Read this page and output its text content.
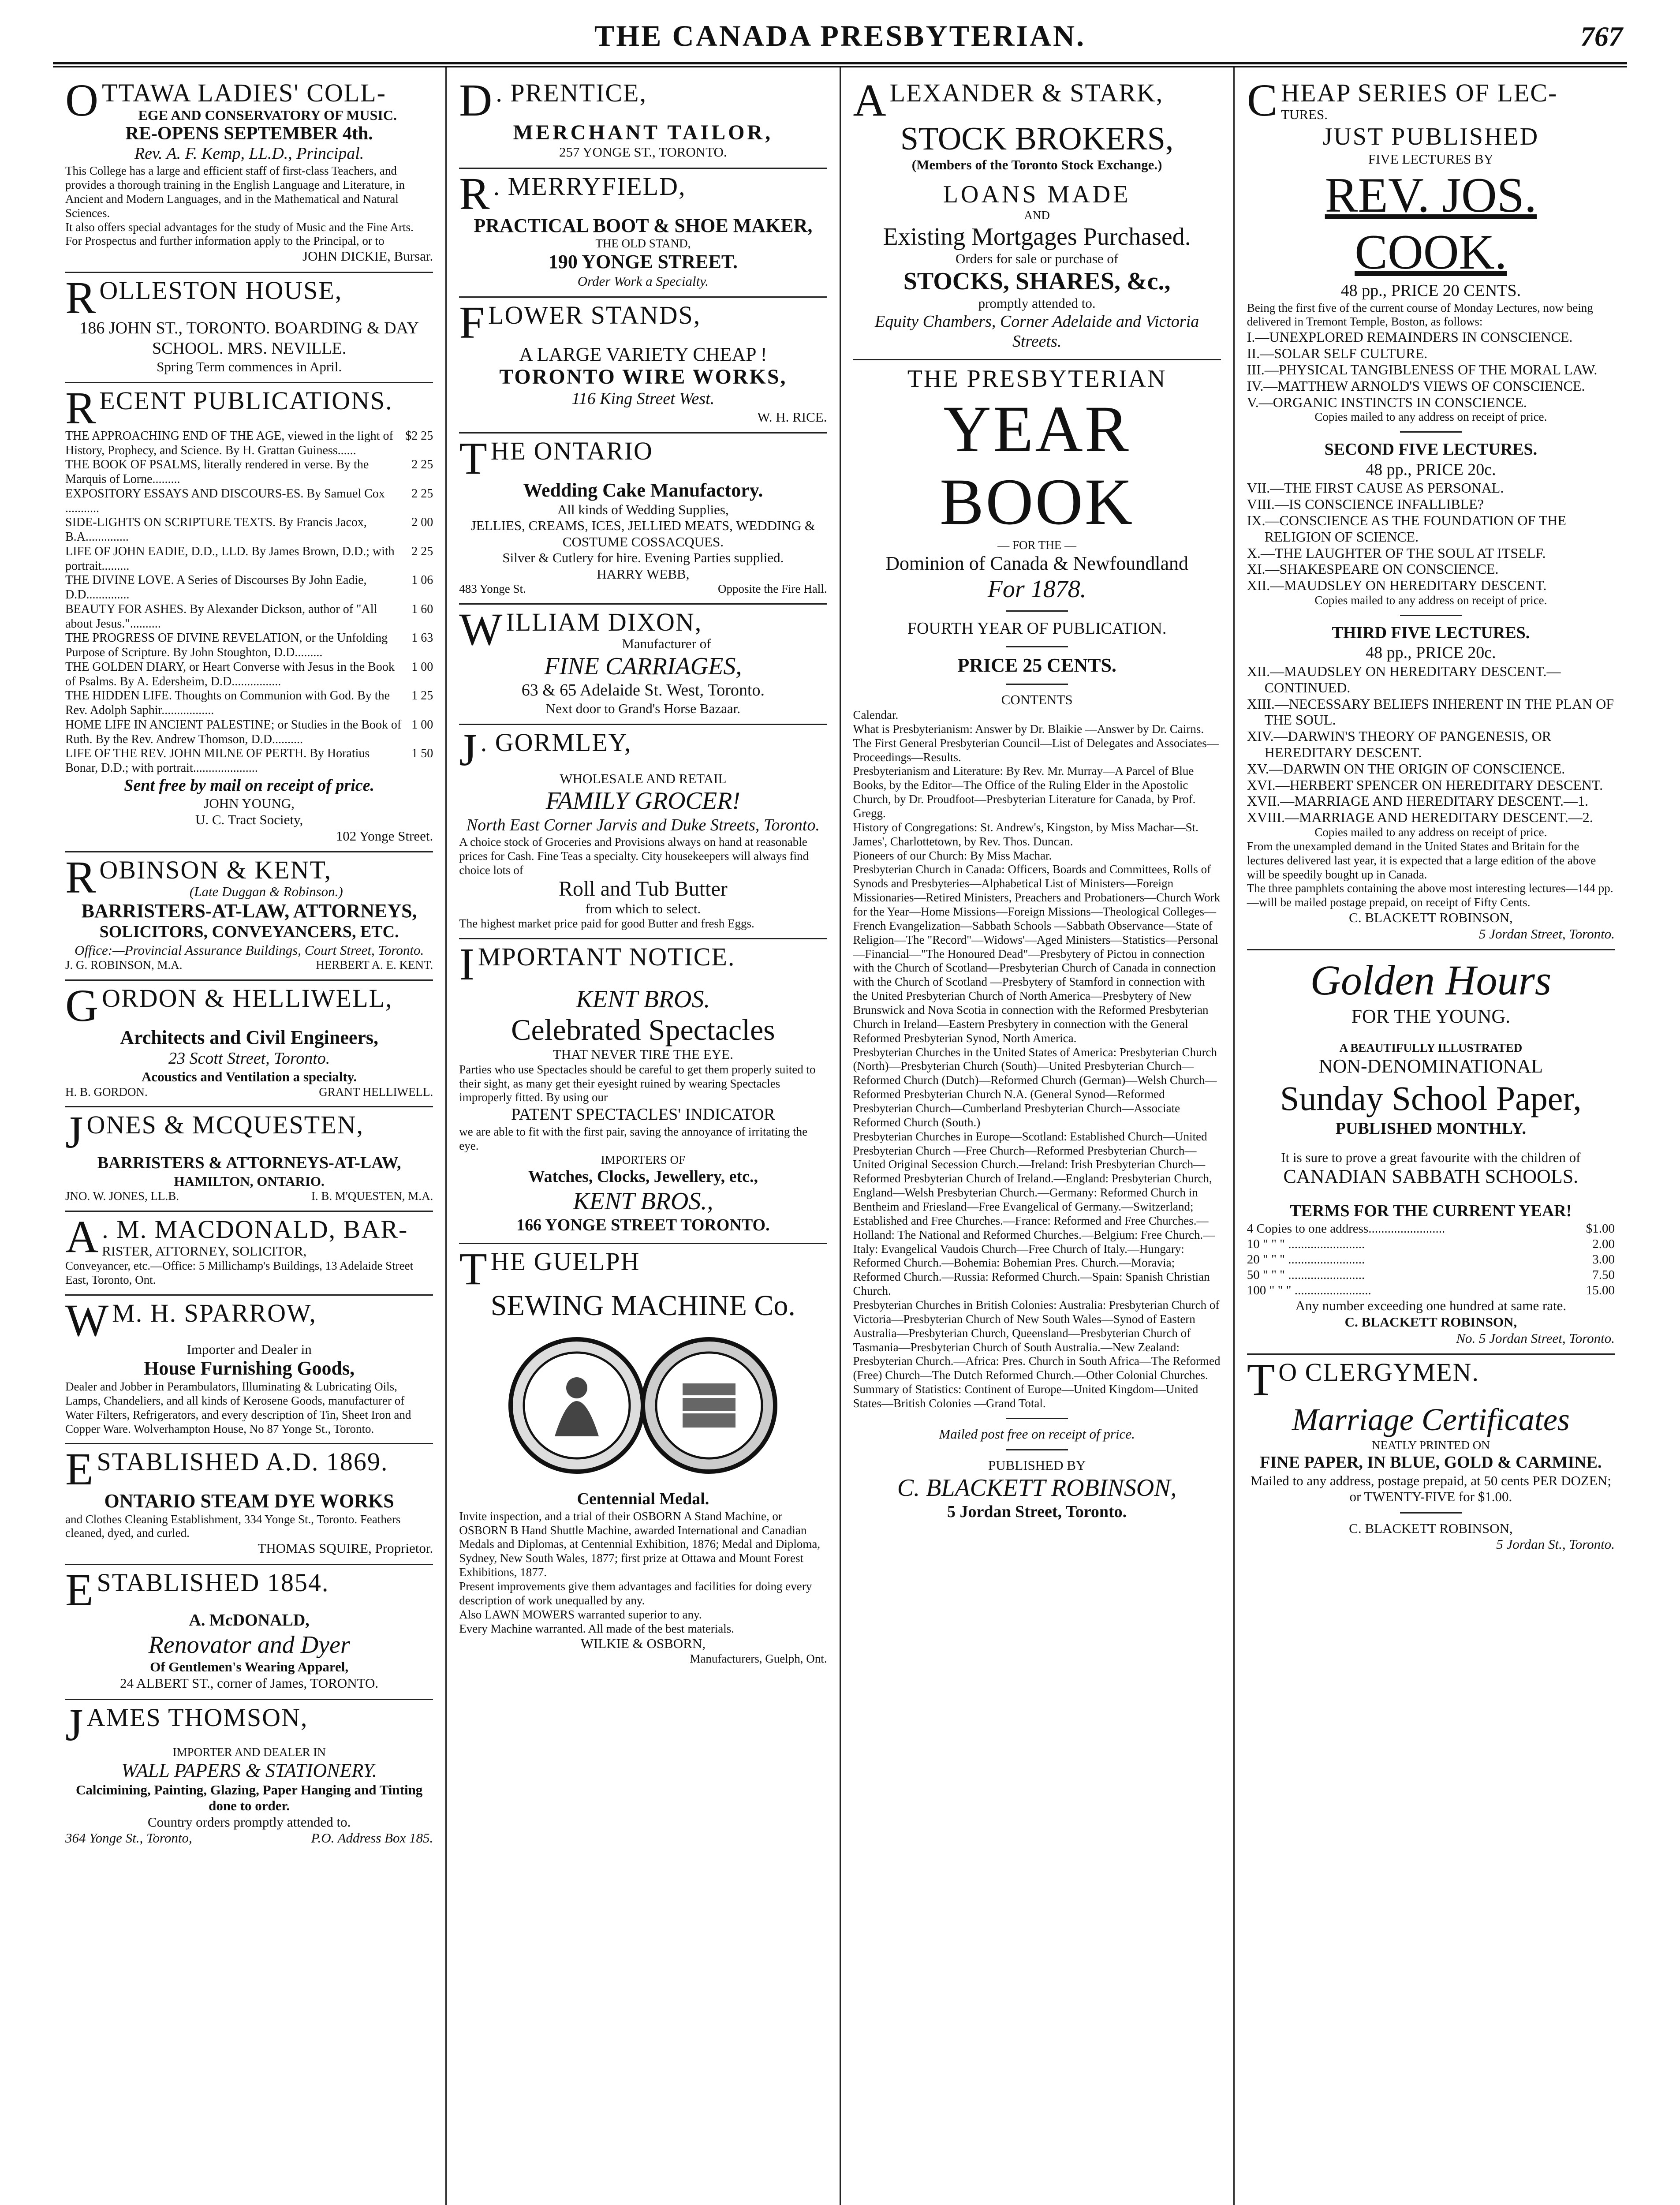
THE CANADA PRESBYTERIAN.	767
OTTAWA LADIES' COLL-
EGE AND CONSERVATORY OF MUSIC.
RE-OPENS SEPTEMBER 4th.
Rev. A. F. Kemp, LL.D., Principal.
This College has a large and efficient staff of first-class Teachers, and provides a thorough training in the English Language and Literature, in Ancient and Modern Languages, and in the Mathematical and Natural Sciences.
It also offers special advantages for the study of Music and the Fine Arts.
For Prospectus and further information apply to the Principal, or to
JOHN DICKIE, Bursar.
ROLLESTON HOUSE,
186 JOHN ST., TORONTO. BOARDING & DAY
SCHOOL. MRS. NEVILLE.
Spring Term commences in April.
RECENT PUBLICATIONS.
THE APPROACHING END OF THE AGE, viewed in the light of History, Prophecy, and Science. By H. Grattan Guiness......
$2 25
THE BOOK OF PSALMS, literally rendered in verse. By the Marquis of Lorne.........
2 25
EXPOSITORY ESSAYS AND DISCOURS-ES. By Samuel Cox ...........
2 25
SIDE-LIGHTS ON SCRIPTURE TEXTS. By Francis Jacox, B.A..............
2 00
LIFE OF JOHN EADIE, D.D., LLD. By James Brown, D.D.; with portrait.........
2 25
THE DIVINE LOVE. A Series of Discourses By John Eadie, D.D..............
1 06
BEAUTY FOR ASHES. By Alexander Dickson, author of "All about Jesus."..........
1 60
THE PROGRESS OF DIVINE REVELATION, or the Unfolding Purpose of Scripture. By John Stoughton, D.D.........
1 63
THE GOLDEN DIARY, or Heart Converse with Jesus in the Book of Psalms. By A. Edersheim, D.D................
1 00
THE HIDDEN LIFE. Thoughts on Communion with God. By the Rev. Adolph Saphir.................
1 25
HOME LIFE IN ANCIENT PALESTINE; or Studies in the Book of Ruth. By the Rev. Andrew Thomson, D.D..........
1 00
LIFE OF THE REV. JOHN MILNE OF PERTH. By Horatius Bonar, D.D.; with portrait.....................
1 50
Sent free by mail on receipt of price.
JOHN YOUNG,
U. C. Tract Society,
102 Yonge Street.
ROBINSON & KENT,
(Late Duggan & Robinson.)
BARRISTERS-AT-LAW, ATTORNEYS,
SOLICITORS, CONVEYANCERS, ETC.
Office:—Provincial Assurance Buildings, Court Street, Toronto.
J. G. ROBINSON, M.A.	HERBERT A. E. KENT.
GORDON & HELLIWELL,
Architects and Civil Engineers,
23 Scott Street, Toronto.
Acoustics and Ventilation a specialty.
H. B. GORDON.	GRANT HELLIWELL.
JONES & MCQUESTEN,
BARRISTERS & ATTORNEYS-AT-LAW,
HAMILTON, ONTARIO.
JNO. W. JONES, LL.B.	I. B. M'QUESTEN, M.A.
A . M. MACDONALD, BAR-
RISTER, ATTORNEY, SOLICITOR,
Conveyancer, etc.—Office: 5 Millichamp's Buildings, 13 Adelaide Street East, Toronto, Ont.
W M. H. SPARROW,
Importer and Dealer in
House Furnishing Goods,
Dealer and Jobber in Perambulators, Illuminating & Lubricating Oils, Lamps, Chandeliers, and all kinds of Kerosene Goods, manufacturer of Water Filters, Refrigerators, and every description of Tin, Sheet Iron and Copper Ware. Wolverhampton House, No 87 Yonge St., Toronto.
ESTABLISHED A.D. 1869.
ONTARIO STEAM DYE WORKS
and Clothes Cleaning Establishment, 334 Yonge St., Toronto. Feathers cleaned, dyed, and curled.
THOMAS SQUIRE, Proprietor.
ESTABLISHED 1854.
A. McDONALD,
Renovator and Dyer
Of Gentlemen's Wearing Apparel,
24 ALBERT ST., corner of James, TORONTO.
JAMES THOMSON,
IMPORTER AND DEALER IN
WALL PAPERS & STATIONERY.
Calcimining, Painting, Glazing, Paper Hanging and Tinting done to order.
Country orders promptly attended to.
364 Yonge St., Toronto,	P.O. Address Box 185.
D . PRENTICE,
MERCHANT TAILOR,
257 YONGE ST., TORONTO.
R . MERRYFIELD,
PRACTICAL BOOT & SHOE MAKER,
THE OLD STAND,
190 YONGE STREET.
Order Work a Specialty.
FLOWER STANDS,
A LARGE VARIETY CHEAP !
TORONTO WIRE WORKS,
116 King Street West.
W. H. RICE.
THE ONTARIO
Wedding Cake Manufactory.
All kinds of Wedding Supplies,
JELLIES, CREAMS, ICES, JELLIED MEATS, WEDDING & COSTUME COSSACQUES.
Silver & Cutlery for hire. Evening Parties supplied.
HARRY WEBB,
483 Yonge St.	Opposite the Fire Hall.
WILLIAM DIXON,
Manufacturer of
FINE CARRIAGES,
63 & 65 Adelaide St. West, Toronto.
Next door to Grand's Horse Bazaar.
J . GORMLEY,
WHOLESALE AND RETAIL
FAMILY GROCER!
North East Corner Jarvis and Duke Streets, Toronto.
A choice stock of Groceries and Provisions always on hand at reasonable prices for Cash. Fine Teas a specialty. City housekeepers will always find choice lots of
Roll and Tub Butter
from which to select.
The highest market price paid for good Butter and fresh Eggs.
IMPORTANT NOTICE.
KENT BROS.
Celebrated Spectacles
THAT NEVER TIRE THE EYE.
Parties who use Spectacles should be careful to get them properly suited to their sight, as many get their eyesight ruined by wearing Spectacles improperly fitted. By using our
PATENT SPECTACLES' INDICATOR
we are able to fit with the first pair, saving the annoyance of irritating the eye.
IMPORTERS OF
Watches, Clocks, Jewellery, etc.,
KENT BROS.,
166 YONGE STREET TORONTO.
THE GUELPH
SEWING MACHINE Co.
Centennial Medal.
Invite inspection, and a trial of their OSBORN A Stand Machine, or OSBORN B Hand Shuttle Machine, awarded International and Canadian Medals and Diplomas, at Centennial Exhibition, 1876; Medal and Diploma, Sydney, New South Wales, 1877; first prize at Ottawa and Mount Forest Exhibitions, 1877.
Present improvements give them advantages and facilities for doing every description of work unequalled by any.
Also LAWN MOWERS warranted superior to any.
Every Machine warranted. All made of the best materials.
WILKIE & OSBORN,
Manufacturers, Guelph, Ont.
ALEXANDER & STARK,
STOCK BROKERS,
(Members of the Toronto Stock Exchange.)
LOANS MADE
AND
Existing Mortgages Purchased.
Orders for sale or purchase of
STOCKS, SHARES, &c.,
promptly attended to.
Equity Chambers, Corner Adelaide and Victoria Streets.
THE PRESBYTERIAN
YEAR BOOK
— FOR THE —
Dominion of Canada & Newfoundland
For 1878.
FOURTH YEAR OF PUBLICATION.
PRICE 25 CENTS.
CONTENTS
Calendar.
What is Presbyterianism: Answer by Dr. Blaikie —Answer by Dr. Cairns.
The First General Presbyterian Council—List of Delegates and Associates—Proceedings—Results.
Presbyterianism and Literature: By Rev. Mr. Murray—A Parcel of Blue Books, by the Editor—The Office of the Ruling Elder in the Apostolic Church, by Dr. Proudfoot—Presbyterian Literature for Canada, by Prof. Gregg.
History of Congregations: St. Andrew's, Kingston, by Miss Machar—St. James', Charlottetown, by Rev. Thos. Duncan.
Pioneers of our Church: By Miss Machar.
Presbyterian Church in Canada: Officers, Boards and Committees, Rolls of Synods and Presbyteries—Alphabetical List of Ministers—Foreign Missionaries—Retired Ministers, Preachers and Probationers—Church Work for the Year—Home Missions—Foreign Missions—Theological Colleges—French Evangelization—Sabbath Schools —Sabbath Observance—State of Religion—The "Record"—Widows'—Aged Ministers—Statistics—Personal—Financial—"The Honoured Dead"—Presbytery of Pictou in connection with the Church of Scotland—Presbyterian Church of Canada in connection with the Church of Scotland —Presbytery of Stamford in connection with the United Presbyterian Church of North America—Presbytery of New Brunswick and Nova Scotia in connection with the Reformed Presbyterian Church in Ireland—Eastern Presbytery in connection with the General Reformed Presbyterian Synod, North America.
Presbyterian Churches in the United States of America: Presbyterian Church (North)—Presbyterian Church (South)—United Presbyterian Church—Reformed Church (Dutch)—Reformed Church (German)—Welsh Church—Reformed Presbyterian Church N.A. (General Synod—Reformed Presbyterian Church—Cumberland Presbyterian Church—Associate Reformed Church (South.)
Presbyterian Churches in Europe—Scotland: Established Church—United Presbyterian Church —Free Church—Reformed Presbyterian Church—United Original Secession Church.—Ireland: Irish Presbyterian Church—Reformed Presbyterian Church of Ireland.—England: Presbyterian Church, England—Welsh Presbyterian Church.—Germany: Reformed Church in Bentheim and Friesland—Free Evangelical of Germany.—Switzerland; Established and Free Churches.—France: Reformed and Free Churches.—Holland: The National and Reformed Churches.—Belgium: Free Church.—Italy: Evangelical Vaudois Church—Free Church of Italy.—Hungary: Reformed Church.—Bohemia: Bohemian Pres. Church.—Moravia; Reformed Church.—Russia: Reformed Church.—Spain: Spanish Christian Church.
Presbyterian Churches in British Colonies: Australia: Presbyterian Church of Victoria—Presbyterian Church of New South Wales—Synod of Eastern Australia—Presbyterian Church, Queensland—Presbyterian Church of Tasmania—Presbyterian Church of South Australia.—New Zealand: Presbyterian Church.—Africa: Pres. Church in South Africa—The Reformed (Free) Church—The Dutch Reformed Church.—Other Colonial Churches.
Summary of Statistics: Continent of Europe—United Kingdom—United States—British Colonies —Grand Total.
Mailed post free on receipt of price.
PUBLISHED BY
C. BLACKETT ROBINSON,
5 Jordan Street, Toronto.
CHEAP SERIES OF LEC-
TURES.
JUST PUBLISHED
FIVE LECTURES BY
REV. JOS. COOK.
48 pp., PRICE 20 CENTS.
Being the first five of the current course of Monday Lectures, now being delivered in Tremont Temple, Boston, as follows:
I.—UNEXPLORED REMAINDERS IN CONSCIENCE.
II.—SOLAR SELF CULTURE.
III.—PHYSICAL TANGIBLENESS OF THE MORAL LAW.
IV.—MATTHEW ARNOLD'S VIEWS OF CONSCIENCE.
V.—ORGANIC INSTINCTS IN CONSCIENCE.
Copies mailed to any address on receipt of price.
SECOND FIVE LECTURES.
48 pp., PRICE 20c.
VII.—THE FIRST CAUSE AS PERSONAL.
VIII.—IS CONSCIENCE INFALLIBLE?
IX.—CONSCIENCE AS THE FOUNDATION OF THE RELIGION OF SCIENCE.
X.—THE LAUGHTER OF THE SOUL AT ITSELF.
XI.—SHAKESPEARE ON CONSCIENCE.
XII.—MAUDSLEY ON HEREDITARY DESCENT.
Copies mailed to any address on receipt of price.
THIRD FIVE LECTURES.
48 pp., PRICE 20c.
XII.—MAUDSLEY ON HEREDITARY DESCENT.—CONTINUED.
XIII.—NECESSARY BELIEFS INHERENT IN THE PLAN OF THE SOUL.
XIV.—DARWIN'S THEORY OF PANGENESIS, OR HEREDITARY DESCENT.
XV.—DARWIN ON THE ORIGIN OF CONSCIENCE.
XVI.—HERBERT SPENCER ON HEREDITARY DESCENT.
XVII.—MARRIAGE AND HEREDITARY DESCENT.—1.
XVIII.—MARRIAGE AND HEREDITARY DESCENT.—2.
Copies mailed to any address on receipt of price.
From the unexampled demand in the United States and Britain for the lectures delivered last year, it is expected that a large edition of the above will be speedily bought up in Canada.
The three pamphlets containing the above most interesting lectures—144 pp.—will be mailed postage prepaid, on receipt of Fifty Cents.
C. BLACKETT ROBINSON,
5 Jordan Street, Toronto.
Golden Hours
FOR THE YOUNG.
A BEAUTIFULLY ILLUSTRATED
NON-DENOMINATIONAL
Sunday School Paper,
PUBLISHED MONTHLY.
It is sure to prove a great favourite with the children of
CANADIAN SABBATH SCHOOLS.
TERMS FOR THE CURRENT YEAR!
4 Copies to one address........................	$1.00
10 " " " ........................	2.00
20 " " " ........................	3.00
50 " " " ........................	7.50
100 " " " ........................	15.00
Any number exceeding one hundred at same rate.
C. BLACKETT ROBINSON,
No. 5 Jordan Street, Toronto.
T O CLERGYMEN.
Marriage Certificates
NEATLY PRINTED ON
FINE PAPER, IN BLUE, GOLD & CARMINE.
Mailed to any address, postage prepaid, at 50 cents PER DOZEN; or TWENTY-FIVE for $1.00.
C. BLACKETT ROBINSON,
5 Jordan St., Toronto.
